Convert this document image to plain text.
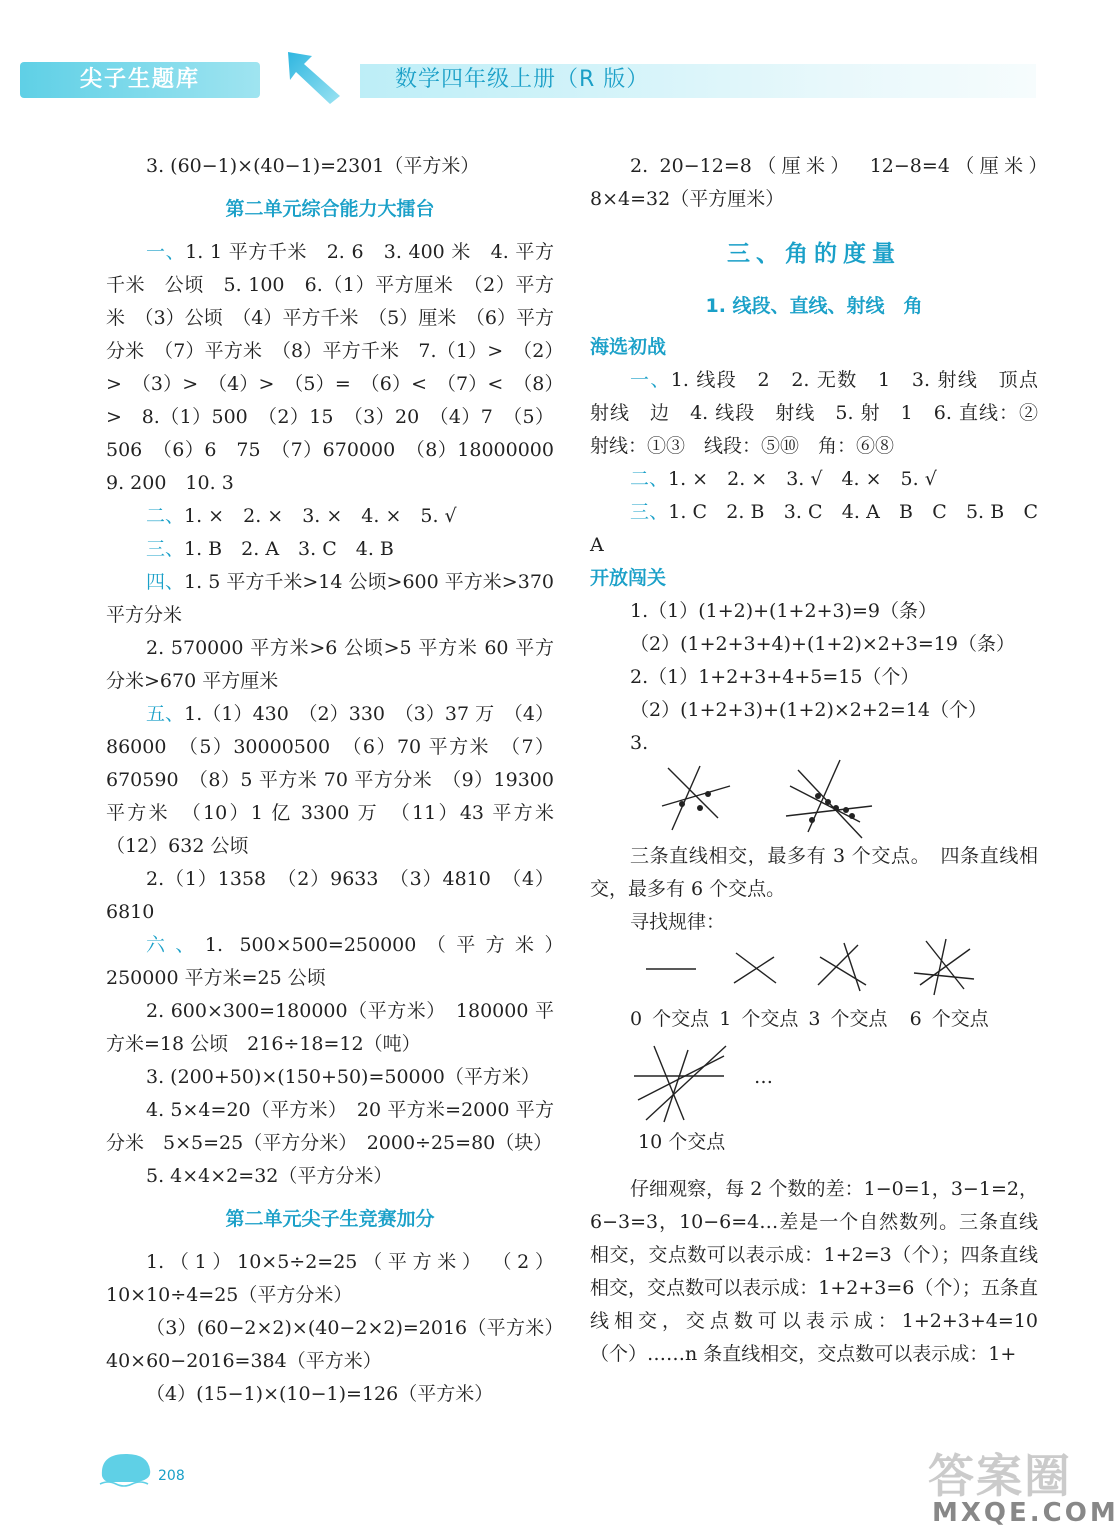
尖子生题库	数学四年级上册（R 版）

3. (60−1)×(40−1)=2301（平方米）

第二单元综合能力大擂台

一、1. 1 平方千米　2. 6　3. 400 米　4. 平方千米　公顷　5. 100　6.（1）平方厘米　（2）平方米　（3）公顷　（4）平方千米　（5）厘米　（6）平方分米　（7）平方米　（8）平方千米　7.（1）>　（2）>　（3）>　（4）>　（5）=　（6）<　（7）<　（8）>　8.（1）500　（2）15　（3）20　（4）7　（5）506　（6）6　75　（7）670000　（8）18000000　9. 200　10. 3

二、1. ×　2. ×　3. ×　4. ×　5. √

三、1. B　2. A　3. C　4. B

四、1. 5 平方千米>14 公顷>600 平方米>370 平方分米

2. 570000 平方米>6 公顷>5 平方米 60 平方分米>670 平方厘米

五、1.（1）430　（2）330　（3）37 万　（4）86000　（5）30000500　（6）70 平方米　（7）670590　（8）5 平方米 70 平方分米　（9）19300 平方米　（10）1 亿 3300 万　（11）43 平方米　（12）632 公顷

2.（1）1358　（2）9633　（3）4810　（4）6810

六、1. 500×500=250000（平方米）　250000 平方米=25 公顷

2. 600×300=180000（平方米）　180000 平方米=18 公顷　216÷18=12（吨）

3. (200+50)×(150+50)=50000（平方米）

4. 5×4=20（平方米）　20 平方米=2000 平方分米　5×5=25（平方分米）　2000÷25=80（块）

5. 4×4×2=32（平方分米）

第二单元尖子生竞赛加分

1.（1）10×5÷2=25（平方米）　（2）10×10÷4=25（平方分米）

（3）(60−2×2)×(40−2×2)=2016（平方米）　40×60−2016=384（平方米）

（4）(15−1)×(10−1)=126（平方米）

2. 20−12=8（厘米）　12−8=4（厘米）　8×4=32（平方厘米）

三、角的度量
1. 线段、直线、射线　角
海选初战

一、1. 线段　2　2. 无数　1　3. 射线　顶点　射线　边　4. 线段　射线　5. 射　1　6. 直线：②　射线：①③　线段：⑤⑩　角：⑥⑧

二、1. ×　2. ×　3. √　4. ×　5. √

三、1. C　2. B　3. C　4. A　B　C　5. B　C　A

开放闯关

1.（1）(1+2)+(1+2+3)=9（条）

（2）(1+2+3+4)+(1+2)×2+3=19（条）

2.（1）1+2+3+4+5=15（个）

（2）(1+2+3)+(1+2)×2+2=14（个）

3.

三条直线相交，最多有 3 个交点。　四条直线相交，最多有 6 个交点。

寻找规律：

0 个交点 1 个交点 3 个交点 6 个交点

…

10 个交点

仔细观察，每 2 个数的差：1−0=1，3−1=2，6−3=3，10−6=4…差是一个自然数列。三条直线相交，交点数可以表示成：1+2=3（个）；四条直线相交，交点数可以表示成：1+2+3=6（个）；五条直线相交，交点数可以表示成：1+2+3+4=10（个）……n 条直线相交，交点数可以表示成：1+

208	答案圈
MXQE.COM
